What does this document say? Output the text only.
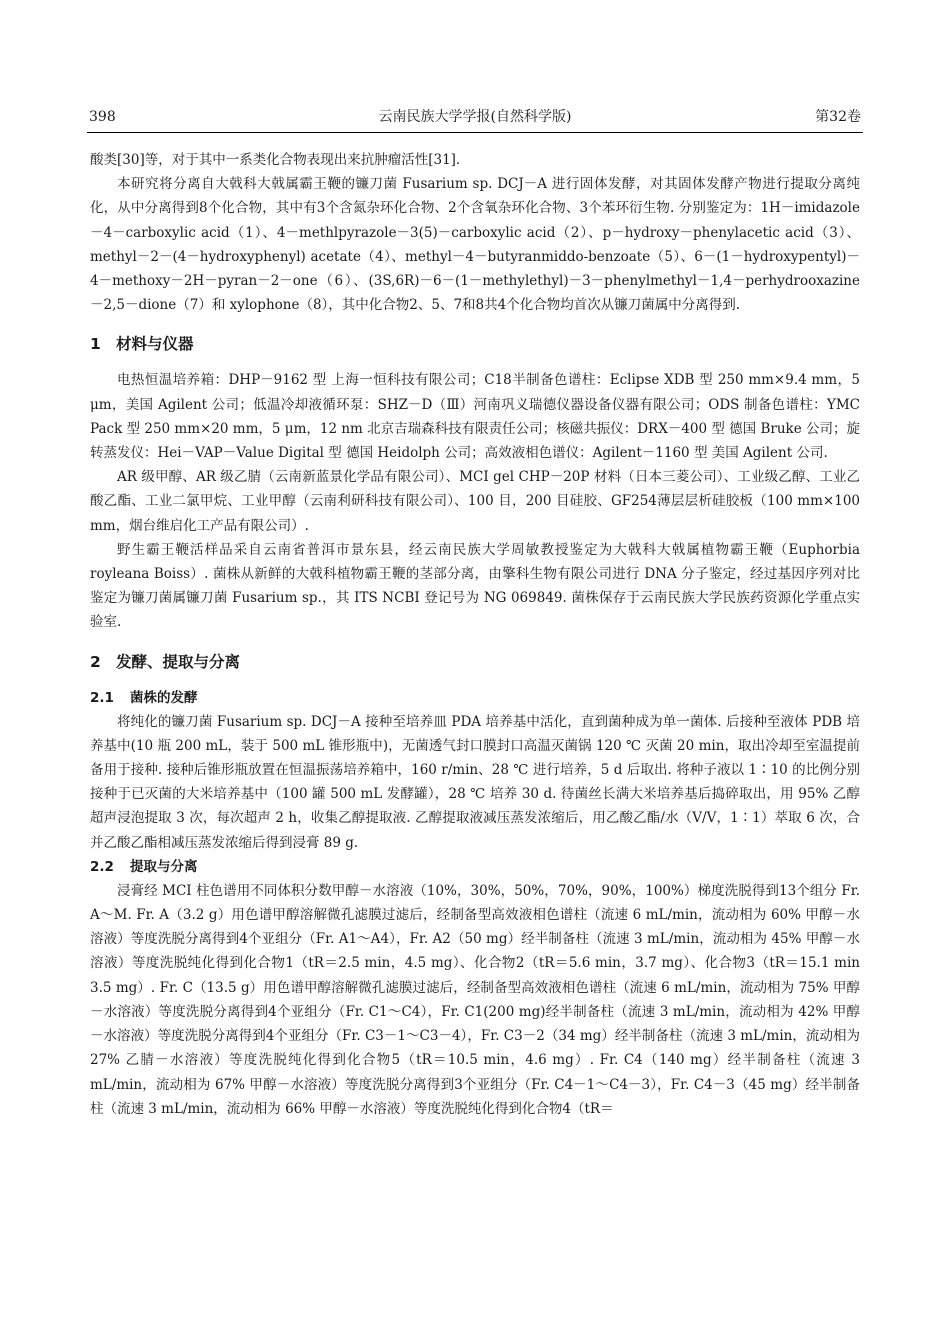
398	云南民族大学学报(自然科学版)	第32卷

酸类[30]等，对于其中一系类化合物表现出来抗肿瘤活性[31]．

本研究将分离自大戟科大戟属霸王鞭的镰刀菌 Fusarium sp. DCJ－A 进行固体发酵，对其固体发酵产物进行提取分离纯化，从中分离得到8个化合物，其中有3个含氮杂环化合物、2个含氧杂环化合物、3个苯环衍生物. 分别鉴定为：1H－imidazole－4－carboxylic acid（1）、4－methlpyrazole－3(5)－carboxylic acid（2）、p－hydroxy－phenylacetic acid（3）、methyl－2－(4－hydroxyphenyl) acetate（4）、methyl－4－butyranmiddo-benzoate（5）、6－(1－hydroxypentyl)－4－methoxy－2H－pyran－2－one（6）、(3S,6R)－6－(1－methylethyl)－3－phenylmethyl－1,4－perhydrooxazine－2,5－dione（7）和 xylophone（8），其中化合物2、5、7和8共4个化合物均首次从镰刀菌属中分离得到.

1 材料与仪器

电热恒温培养箱：DHP－9162 型 上海一恒科技有限公司；C18半制备色谱柱：Eclipse XDB 型 250 mm×9.4 mm，5 μm，美国 Agilent 公司；低温冷却液循环泵：SHZ－D（Ⅲ）河南巩义瑞德仪器设备仪器有限公司；ODS 制备色谱柱：YMC Pack 型 250 mm×20 mm，5 μm，12 nm 北京吉瑞森科技有限责任公司；核磁共振仪：DRX－400 型 德国 Bruke 公司；旋转蒸发仪：Hei－VAP－Value Digital 型 德国 Heidolph 公司；高效液相色谱仪：Agilent－1160 型 美国 Agilent 公司.

AR 级甲醇、AR 级乙腈（云南新蓝景化学品有限公司）、MCI gel CHP－20P 材料（日本三菱公司）、工业级乙醇、工业乙酸乙酯、工业二氯甲烷、工业甲醇（云南利研科技有限公司）、100 目，200 目硅胶、GF254薄层层析硅胶板（100 mm×100 mm，烟台维启化工产品有限公司）.

野生霸王鞭活样品采自云南省普洱市景东县，经云南民族大学周敏教授鉴定为大戟科大戟属植物霸王鞭（Euphorbia royleana Boiss）. 菌株从新鲜的大戟科植物霸王鞭的茎部分离，由擎科生物有限公司进行 DNA 分子鉴定，经过基因序列对比鉴定为镰刀菌属镰刀菌 Fusarium sp.，其 ITS NCBI 登记号为 NG 069849. 菌株保存于云南民族大学民族药资源化学重点实验室.

2 发酵、提取与分离
2.1 菌株的发酵

将纯化的镰刀菌 Fusarium sp. DCJ－A 接种至培养皿 PDA 培养基中活化，直到菌种成为单一菌体. 后接种至液体 PDB 培养基中(10 瓶 200 mL，装于 500 mL 锥形瓶中)，无菌透气封口膜封口高温灭菌锅 120 ℃ 灭菌 20 min，取出冷却至室温提前备用于接种. 接种后锥形瓶放置在恒温振荡培养箱中，160 r/min、28 ℃ 进行培养，5 d 后取出. 将种子液以 1∶10 的比例分别接种于已灭菌的大米培养基中（100 罐 500 mL 发酵罐），28 ℃ 培养 30 d. 待菌丝长满大米培养基后捣碎取出，用 95% 乙醇超声浸泡提取 3 次，每次超声 2 h，收集乙醇提取液. 乙醇提取液减压蒸发浓缩后，用乙酸乙酯/水（V/V，1∶1）萃取 6 次，合并乙酸乙酯相减压蒸发浓缩后得到浸膏 89 g.

2.2 提取与分离

浸膏经 MCI 柱色谱用不同体积分数甲醇－水溶液（10%，30%，50%，70%，90%，100%）梯度洗脱得到13个组分 Fr. A～M. Fr. A（3.2 g）用色谱甲醇溶解微孔滤膜过滤后，经制备型高效液相色谱柱（流速 6 mL/min，流动相为 60% 甲醇－水溶液）等度洗脱分离得到4个亚组分（Fr. A1～A4），Fr. A2（50 mg）经半制备柱（流速 3 mL/min，流动相为 45% 甲醇－水溶液）等度洗脱纯化得到化合物1（tR＝2.5 min，4.5 mg）、化合物2（tR＝5.6 min，3.7 mg）、化合物3（tR＝15.1 min 3.5 mg）. Fr. C（13.5 g）用色谱甲醇溶解微孔滤膜过滤后，经制备型高效液相色谱柱（流速 6 mL/min，流动相为 75% 甲醇－水溶液）等度洗脱分离得到4个亚组分（Fr. C1～C4），Fr. C1(200 mg)经半制备柱（流速 3 mL/min，流动相为 42% 甲醇－水溶液）等度洗脱分离得到4个亚组分（Fr. C3－1～C3－4），Fr. C3－2（34 mg）经半制备柱（流速 3 mL/min，流动相为 27% 乙腈－水溶液）等度洗脱纯化得到化合物5（tR＝10.5 min，4.6 mg）. Fr. C4（140 mg）经半制备柱（流速 3 mL/min，流动相为 67% 甲醇－水溶液）等度洗脱分离得到3个亚组分（Fr. C4－1～C4－3），Fr. C4－3（45 mg）经半制备柱（流速 3 mL/min，流动相为 66% 甲醇－水溶液）等度洗脱纯化得到化合物4（tR＝
